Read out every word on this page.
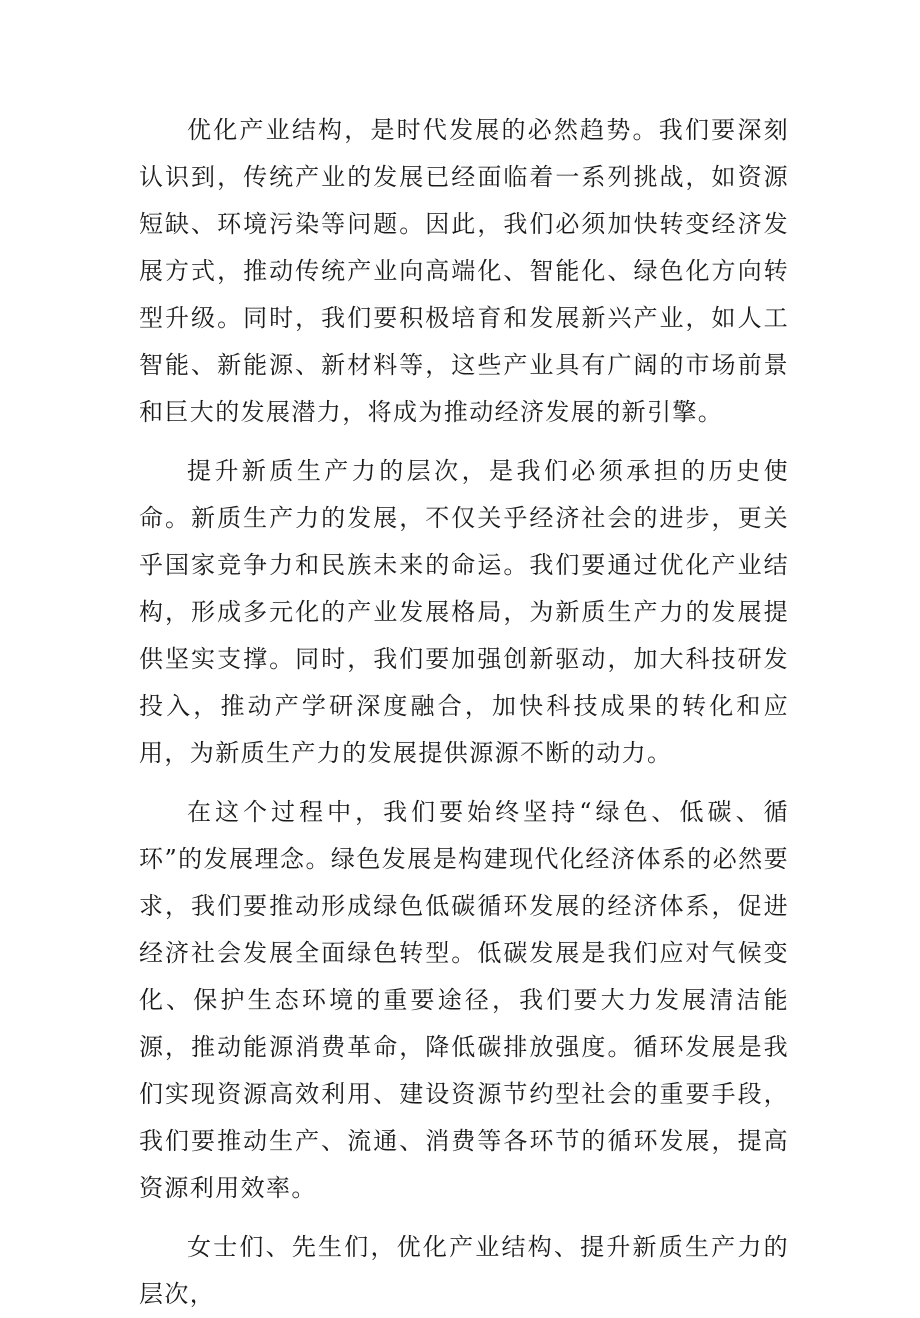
优化产业结构，是时代发展的必然趋势。我们要深刻认识到，传统产业的发展已经面临着一系列挑战，如资源短缺、环境污染等问题。因此，我们必须加快转变经济发展方式，推动传统产业向高端化、智能化、绿色化方向转型升级。同时，我们要积极培育和发展新兴产业，如人工智能、新能源、新材料等，这些产业具有广阔的市场前景和巨大的发展潜力，将成为推动经济发展的新引擎。

提升新质生产力的层次，是我们必须承担的历史使命。新质生产力的发展，不仅关乎经济社会的进步，更关乎国家竞争力和民族未来的命运。我们要通过优化产业结构，形成多元化的产业发展格局，为新质生产力的发展提供坚实支撑。同时，我们要加强创新驱动，加大科技研发投入，推动产学研深度融合，加快科技成果的转化和应用，为新质生产力的发展提供源源不断的动力。

在这个过程中，我们要始终坚持“绿色、低碳、循环”的发展理念。绿色发展是构建现代化经济体系的必然要求，我们要推动形成绿色低碳循环发展的经济体系，促进经济社会发展全面绿色转型。低碳发展是我们应对气候变化、保护生态环境的重要途径，我们要大力发展清洁能源，推动能源消费革命，降低碳排放强度。循环发展是我们实现资源高效利用、建设资源节约型社会的重要手段，我们要推动生产、流通、消费等各环节的循环发展，提高资源利用效率。

女士们、先生们，优化产业结构、提升新质生产力的层次，
